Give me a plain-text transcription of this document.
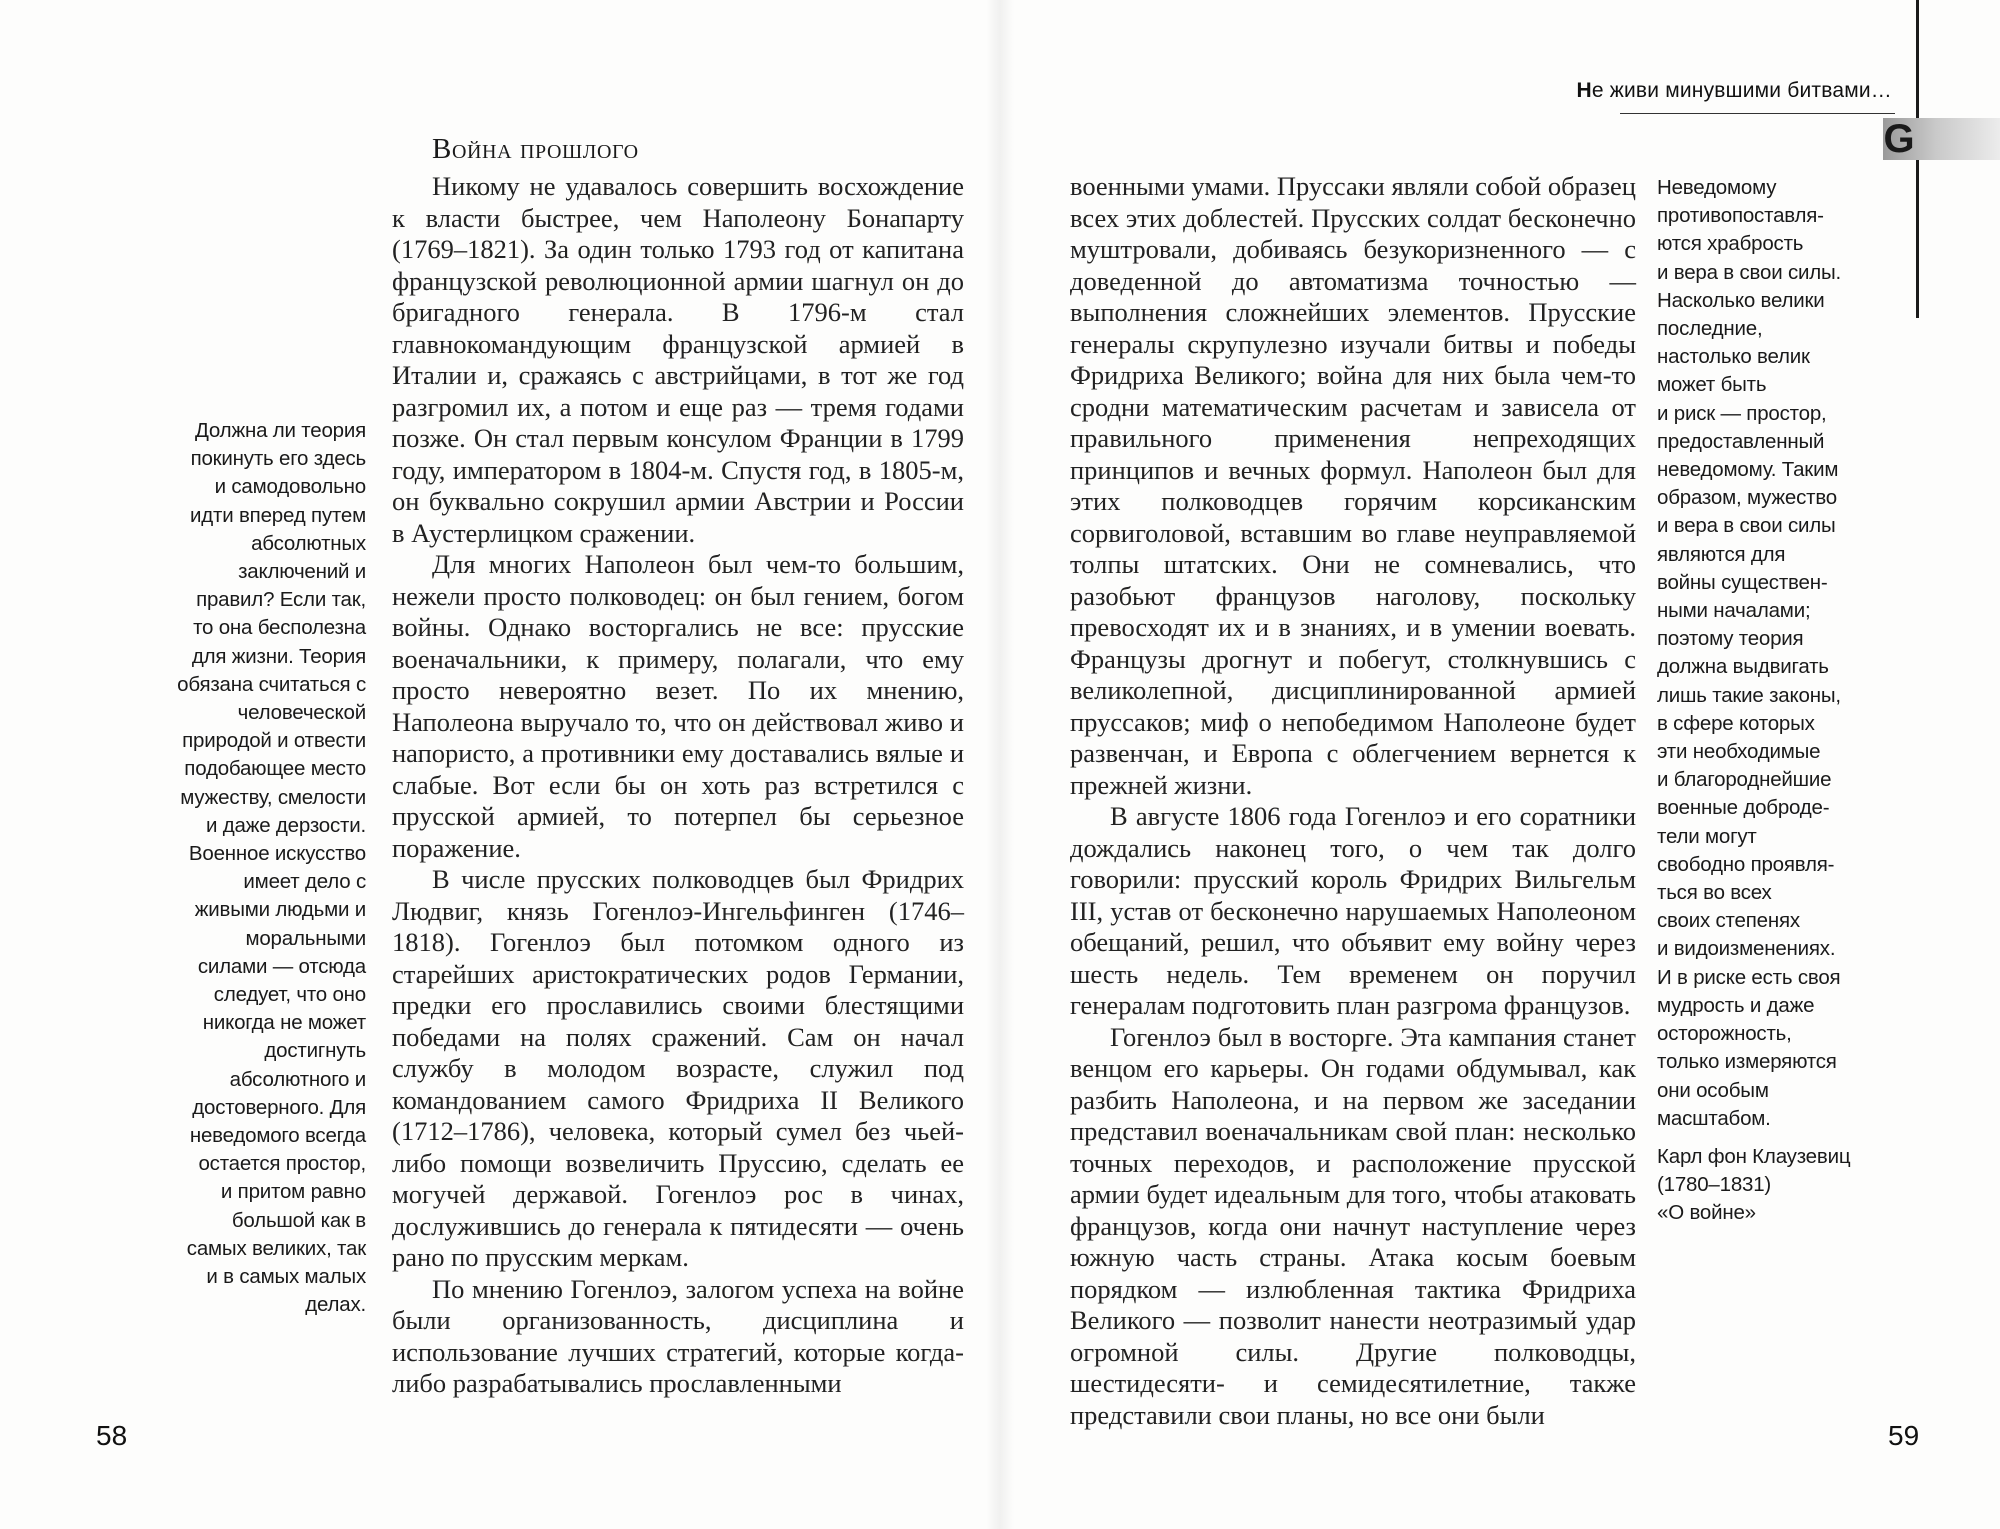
Не живи минувшими битвами…
G
Война прошлого

Должна ли теория

покинуть его здесь

и самодовольно

идти вперед путем

абсолютных

заключений и

правил? Если так,

то она бесполезна

для жизни. Теория

обязана считаться с

человеческой

природой и отвести

подобающее место

мужеству, смелости

и даже дерзости.

Военное искусство

имеет дело с

живыми людьми и

моральными

силами — отсюда

следует, что оно

никогда не может

достигнуть

абсолютного и

достоверного. Для

неведомого всегда

остается простор,

и притом равно

большой как в

самых великих, так

и в самых малых

делах.

Никому не удавалось совершить восхождение к власти быстрее, чем Наполеону Бонапарту (1769–1821). За один только 1793 год от капитана французской революционной армии шагнул он до бригадного генерала. В 1796-м стал главнокомандующим французской армией в Италии и, сражаясь с австрийцами, в тот же год разгромил их, а потом и еще раз — тремя годами позже. Он стал первым консулом Франции в 1799 году, императором в 1804-м. Спустя год, в 1805-м, он буквально сокрушил армии Австрии и России в Аустерлицком сражении.

Для многих Наполеон был чем-то большим, нежели просто полководец: он был гением, богом войны. Однако восторгались не все: прусские военачальники, к примеру, полагали, что ему просто невероятно везет. По их мнению, Наполеона выручало то, что он действовал живо и напористо, а противники ему доставались вялые и слабые. Вот если бы он хоть раз встретился с прусской армией, то потерпел бы серьезное поражение.

В числе прусских полководцев был Фридрих Людвиг, князь Гогенлоэ-Ингельфинген (1746–1818). Гогенлоэ был потомком одного из старейших аристократических родов Германии, предки его прославились своими блестящими победами на полях сражений. Сам он начал службу в молодом возрасте, служил под командованием самого Фридриха II Великого (1712–1786), человека, который сумел без чьей-либо помощи возвеличить Пруссию, сделать ее могучей державой. Гогенлоэ рос в чинах, дослужившись до генерала к пятидесяти — очень рано по прусским меркам.

По мнению Гогенлоэ, залогом успеха на войне были организованность, дисциплина и использование лучших стратегий, которые когда-либо разрабатывались прославленными

военными умами. Пруссаки являли собой образец всех этих доблестей. Прусских солдат бесконечно муштровали, добиваясь безукоризненного — с доведенной до автоматизма точностью — выполнения сложнейших элементов. Прусские генералы скрупулезно изучали битвы и победы Фридриха Великого; война для них была чем-то сродни математическим расчетам и зависела от правильного применения непреходящих принципов и вечных формул. Наполеон был для этих полководцев горячим корсиканским сорвиголовой, вставшим во главе неуправляемой толпы штатских. Они не сомневались, что разобьют французов наголову, поскольку превосходят их и в знаниях, и в умении воевать. Французы дрогнут и побегут, столкнувшись с великолепной, дисциплинированной армией пруссаков; миф о непобедимом Наполеоне будет развенчан, и Европа с облегчением вернется к прежней жизни.

В августе 1806 года Гогенлоэ и его соратники дождались наконец того, о чем так долго говорили: прусский король Фридрих Вильгельм III, устав от бесконечно нарушаемых Наполеоном обещаний, решил, что объявит ему войну через шесть недель. Тем временем он поручил генералам подготовить план разгрома французов.

Гогенлоэ был в восторге. Эта кампания станет венцом его карьеры. Он годами обдумывал, как разбить Наполеона, и на первом же заседании представил военачальникам свой план: несколько точных переходов, и расположение прусской армии будет идеальным для того, чтобы атаковать французов, когда они начнут наступление через южную часть страны. Атака косым боевым порядком — излюбленная тактика Фридриха Великого — позволит нанести неотразимый удар огромной силы. Другие полководцы, шестидесяти- и семидесятилетние, также представили свои планы, но все они были

Неведомому

противопоставля-

ются храбрость

и вера в свои силы.

Насколько велики

последние,

настолько велик

может быть

и риск — простор,

предоставленный

неведомому. Таким

образом, мужество

и вера в свои силы

являются для

войны существен-

ными началами;

поэтому теория

должна выдвигать

лишь такие законы,

в сфере которых

эти необходимые

и благороднейшие

военные доброде-

тели могут

свободно проявля-

ться во всех

своих степенях

и видоизменениях.

И в риске есть своя

мудрость и даже

осторожность,

только измеряются

они особым

масштабом.

Карл фон Клаузевиц

(1780–1831)

«О войне»

58	59
